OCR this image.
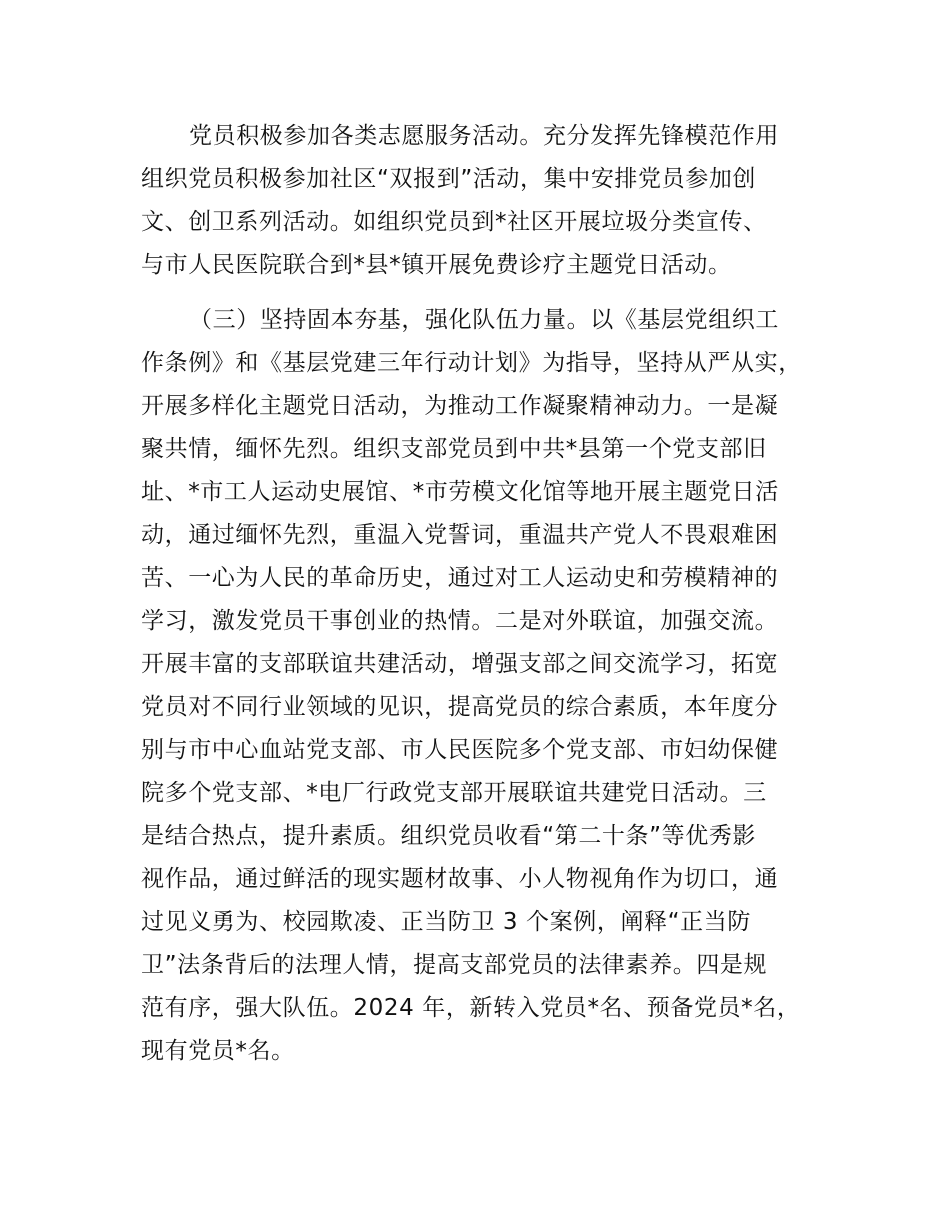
党员积极参加各类志愿服务活动。充分发挥先锋模范作用
组织党员积极参加社区“双报到”活动，集中安排党员参加创
文、创卫系列活动。如组织党员到*社区开展垃圾分类宣传、
与市人民医院联合到*县*镇开展免费诊疗主题党日活动。
（三）坚持固本夯基，强化队伍力量。以《基层党组织工
作条例》和《基层党建三年行动计划》为指导，坚持从严从实，
开展多样化主题党日活动，为推动工作凝聚精神动力。一是凝
聚共情，缅怀先烈。组织支部党员到中共*县第一个党支部旧
址、*市工人运动史展馆、*市劳模文化馆等地开展主题党日活
动，通过缅怀先烈，重温入党誓词，重温共产党人不畏艰难困
苦、一心为人民的革命历史，通过对工人运动史和劳模精神的
学习，激发党员干事创业的热情。二是对外联谊，加强交流。
开展丰富的支部联谊共建活动，增强支部之间交流学习，拓宽
党员对不同行业领域的见识，提高党员的综合素质，本年度分
别与市中心血站党支部、市人民医院多个党支部、市妇幼保健
院多个党支部、*电厂行政党支部开展联谊共建党日活动。三
是结合热点，提升素质。组织党员收看“第二十条”等优秀影
视作品，通过鲜活的现实题材故事、小人物视角作为切口，通
过见义勇为、校园欺凌、正当防卫 3 个案例，阐释“正当防
卫”法条背后的法理人情，提高支部党员的法律素养。四是规
范有序，强大队伍。2024 年，新转入党员*名、预备党员*名，
现有党员*名。
